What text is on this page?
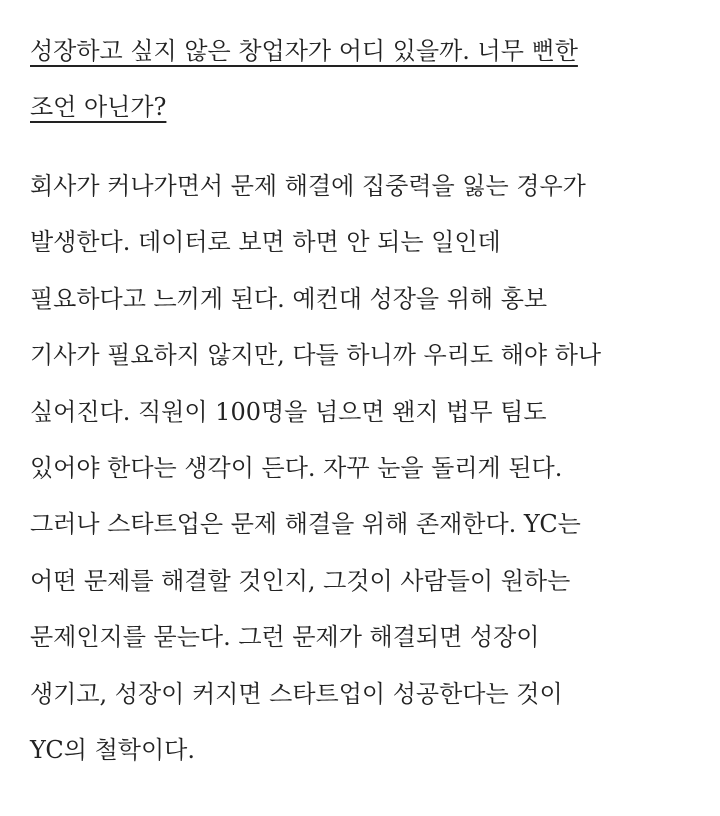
성장하고 싶지 않은 창업자가 어디 있을까. 너무 뻔한
조언 아닌가?

회사가 커나가면서 문제 해결에 집중력을 잃는 경우가
발생한다. 데이터로 보면 하면 안 되는 일인데
필요하다고 느끼게 된다. 예컨대 성장을 위해 홍보
기사가 필요하지 않지만, 다들 하니까 우리도 해야 하나
싶어진다. 직원이 100명을 넘으면 왠지 법무 팀도
있어야 한다는 생각이 든다. 자꾸 눈을 돌리게 된다.
그러나 스타트업은 문제 해결을 위해 존재한다. YC는
어떤 문제를 해결할 것인지, 그것이 사람들이 원하는
문제인지를 묻는다. 그런 문제가 해결되면 성장이
생기고, 성장이 커지면 스타트업이 성공한다는 것이
YC의 철학이다.
